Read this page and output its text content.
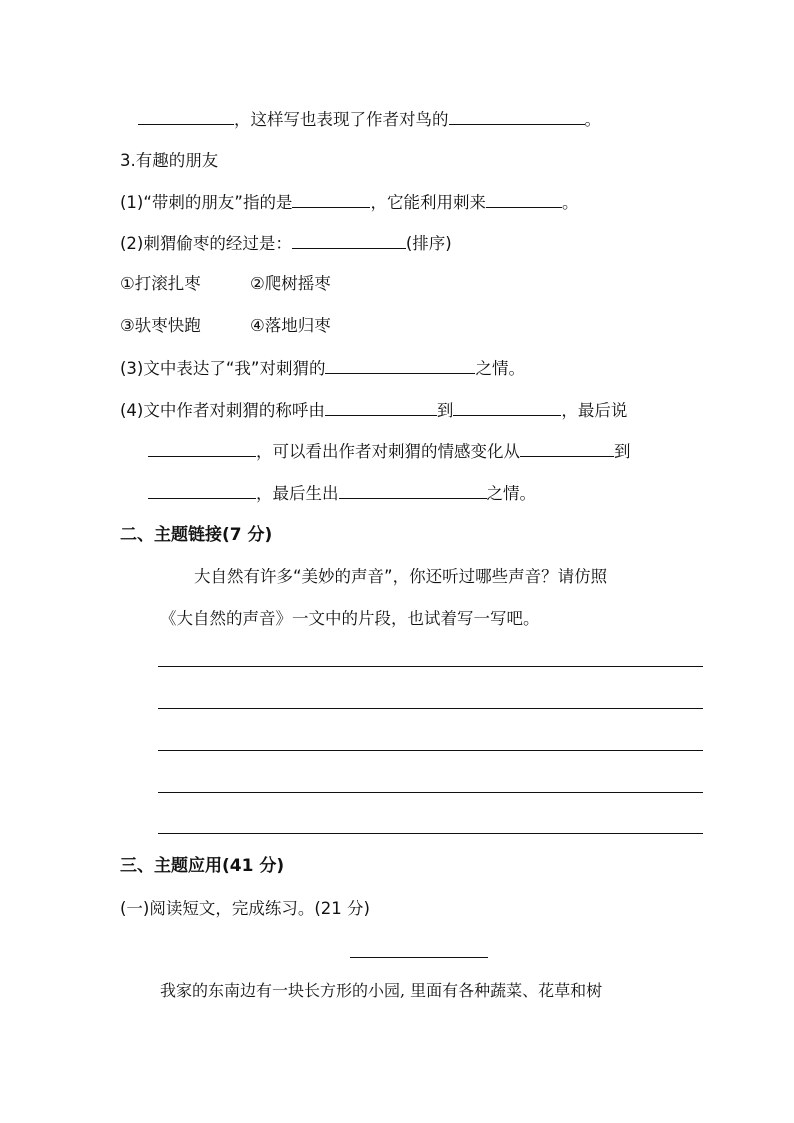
，这样写也表现了作者对鸟的	。
3.有趣的朋友
(1)“带刺的朋友”指的是	，它能利用刺来	。
(2)刺猬偷枣的经过是：	(排序)
①打滚扎枣	②爬树摇枣
③驮枣快跑	④落地归枣
(3)文中表达了“我”对刺猬的	之情。
(4)文中作者对刺猬的称呼由	到	，最后说
，可以看出作者对刺猬的情感变化从	到
，最后生出	之情。
二、主题链接(7 分)
大自然有许多“美妙的声音”，你还听过哪些声音？请仿照
《大自然的声音》一文中的片段，也试着写一写吧。
三、主题应用(41 分)
(一)阅读短文，完成练习。(21 分)
我家的东南边有一块长方形的小园, 里面有各种蔬菜、花草和树
